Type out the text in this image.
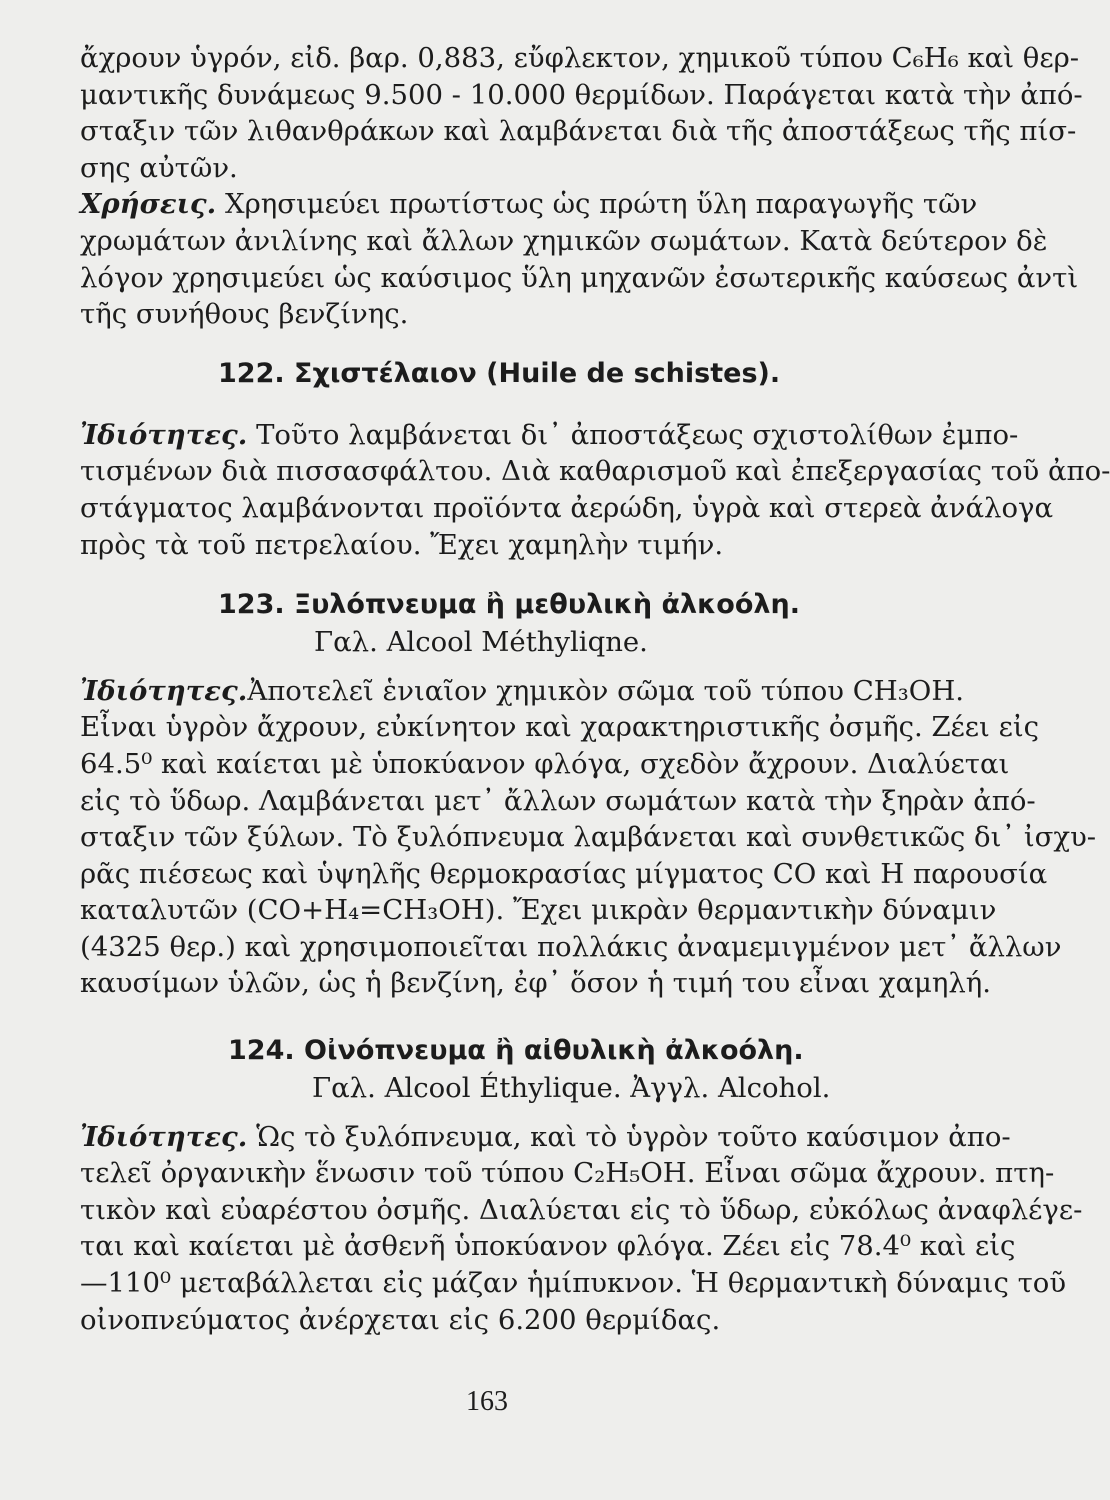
ἄχρουν ὑγρόν, εἰδ. βαρ. 0,883, εὔφλεκτον, χημικοῦ τύπου C₆H₆ καὶ θερ-
μαντικῆς δυνάμεως 9.500 - 10.000 θερμίδων. Παράγεται κατὰ τὴν ἀπό-
σταξιν τῶν λιθανθράκων καὶ λαμβάνεται διὰ τῆς ἀποστάξεως τῆς πίσ-
σης αὐτῶν.
Χρήσεις. Χρησιμεύει πρωτίστως ὡς πρώτη ὕλη παραγωγῆς τῶν
χρωμάτων ἀνιλίνης καὶ ἄλλων χημικῶν σωμάτων. Κατὰ δεύτερον δὲ
λόγον χρησιμεύει ὡς καύσιμος ὕλη μηχανῶν ἐσωτερικῆς καύσεως ἀντὶ
τῆς συνήθους βενζίνης.
122. Σχιστέλαιον (Huile de schistes).
Ἰδιότητες. Τοῦτο λαμβάνεται δι᾽ ἀποστάξεως σχιστολίθων ἐμπο-
τισμένων διὰ πισσασφάλτου. Διὰ καθαρισμοῦ καὶ ἐπεξεργασίας τοῦ ἀπο-
στάγματος λαμβάνονται προϊόντα ἀερώδη, ὑγρὰ καὶ στερεὰ ἀνάλογα
πρὸς τὰ τοῦ πετρελαίου. Ἔχει χαμηλὴν τιμήν.
123. Ξυλόπνευμα ἢ μεθυλικὴ ἀλκοόλη.
Γαλ. Alcool Méthyliqne.
Ἰδιότητες.Ἀποτελεῖ ἑνιαῖον χημικὸν σῶμα τοῦ τύπου CH₃OH.
Εἶναι ὑγρὸν ἄχρουν, εὐκίνητον καὶ χαρακτηριστικῆς ὀσμῆς. Ζέει εἰς
64.5⁰ καὶ καίεται μὲ ὑποκύανον φλόγα, σχεδὸν ἄχρουν. Διαλύεται
εἰς τὸ ὕδωρ. Λαμβάνεται μετ᾽ ἄλλων σωμάτων κατὰ τὴν ξηρὰν ἀπό-
σταξιν τῶν ξύλων. Τὸ ξυλόπνευμα λαμβάνεται καὶ συνθετικῶς δι᾽ ἰσχυ-
ρᾶς πιέσεως καὶ ὑψηλῆς θερμοκρασίας μίγματος CO καὶ H παρουσία
καταλυτῶν (CO+H₄=CH₃OH). Ἔχει μικρὰν θερμαντικὴν δύναμιν
(4325 θερ.) καὶ χρησιμοποιεῖται πολλάκις ἀναμεμιγμένον μετ᾽ ἄλλων
καυσίμων ὑλῶν, ὡς ἡ βενζίνη, ἐφ᾽ ὅσον ἡ τιμή του εἶναι χαμηλή.
124. Οἰνόπνευμα ἢ αἰθυλικὴ ἀλκοόλη.
Γαλ. Alcool Éthylique. Ἀγγλ. Alcohol.
Ἰδιότητες. Ὡς τὸ ξυλόπνευμα, καὶ τὸ ὑγρὸν τοῦτο καύσιμον ἀπο-
τελεῖ ὀργανικὴν ἕνωσιν τοῦ τύπου C₂H₅OH. Εἶναι σῶμα ἄχρουν. πτη-
τικὸν καὶ εὐαρέστου ὀσμῆς. Διαλύεται εἰς τὸ ὕδωρ, εὐκόλως ἀναφλέγε-
ται καὶ καίεται μὲ ἀσθενῆ ὑποκύανον φλόγα. Ζέει εἰς 78.4⁰ καὶ εἰς
—110⁰ μεταβάλλεται εἰς μάζαν ἡμίπυκνον. Ἡ θερμαντικὴ δύναμις τοῦ
οἰνοπνεύματος ἀνέρχεται εἰς 6.200 θερμίδας.
163
